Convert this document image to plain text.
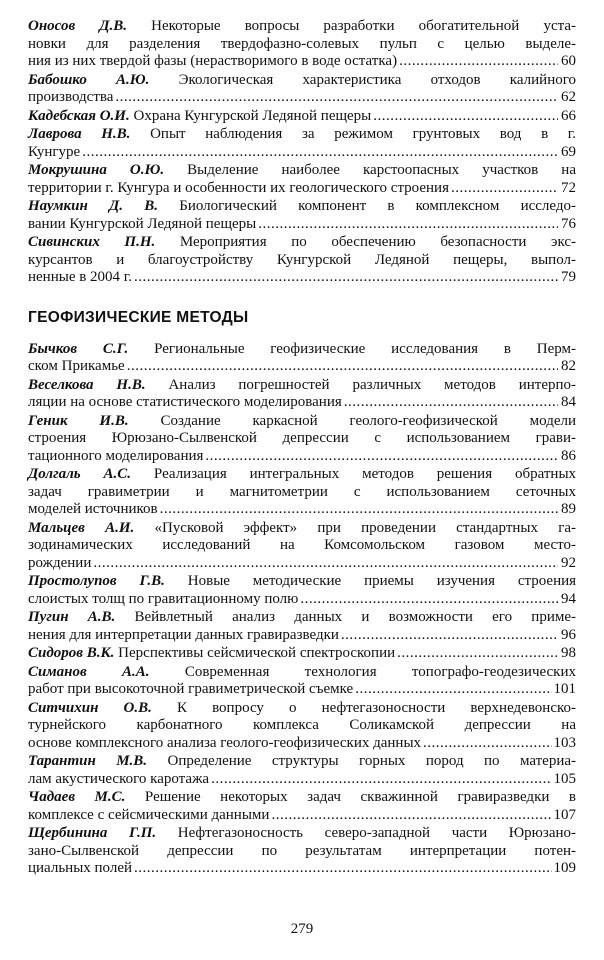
Оносов Д.В. Некоторые вопросы разработки обогатительной уста-
новки для разделения твердофазно-солевых пульп с целью выделе-
ния из них твердой фазы (нерастворимого в воде остатка) .....	60
Бабошко А.Ю. Экологическая характеристика отходов калийного
производства .....	62
Кадебская О.И. Охрана Кунгурской Ледяной пещеры .....	66
Лаврова Н.В. Опыт наблюдения за режимом грунтовых вод в г.
Кунгуре .....	69
Мокрушина О.Ю. Выделение наиболее карстоопасных участков на
территории г. Кунгура и особенности их геологического строения .....	72
Наумкин Д. В. Биологический компонент в комплексном исследо-
вании Кунгурской Ледяной пещеры .....	76
Сивинских П.Н. Мероприятия по обеспечению безопасности экс-
курсантов и благоустройству Кунгурской Ледяной пещеры, выпол-
ненные в 2004 г. .....	79
ГЕОФИЗИЧЕСКИЕ МЕТОДЫ
Бычков С.Г. Региональные геофизические исследования в Перм-
ском Прикамье .....	82
Веселкова Н.В. Анализ погрешностей различных методов интерпо-
ляции на основе статистического моделирования .....	84
Геник И.В. Создание каркасной геолого-геофизической модели
строения Юрюзано-Сылвенской депрессии с использованием грави-
тационного моделирования .....	86
Долгаль А.С. Реализация интегральных методов решения обратных
задач гравиметрии и магнитометрии с использованием сеточных
моделей источников .....	89
Мальцев А.И. «Пусковой эффект» при проведении стандартных га-
зодинамических исследований на Комсомольском газовом место-
рождении .....	92
Простолупов Г.В. Новые методические приемы изучения строения
слоистых толщ по гравитационному полю .....	94
Пугин А.В. Вейвлетный анализ данных и возможности его приме-
нения для интерпретации данных гравиразведки .....	96
Сидоров В.К. Перспективы сейсмической спектроскопии .....	98
Симанов А.А. Современная технология топографо-геодезических
работ при высокоточной гравиметрической съемке .....	101
Ситчихин О.В. К вопросу о нефтегазоносности верхнедевонско-
турнейского карбонатного комплекса Соликамской депрессии на
основе комплексного анализа геолого-геофизических данных .....	103
Тарантин М.В. Определение структуры горных пород по материа-
лам акустического каротажа .....	105
Чадаев М.С. Решение некоторых задач скважинной гравиразведки в
комплексе с сейсмическими данными .....	107
Щербинина Г.П. Нефтегазоносность северо-западной части Юрюзано-
зано-Сылвенской депрессии по результатам интерпретации потен-
циальных полей .....	109
279
